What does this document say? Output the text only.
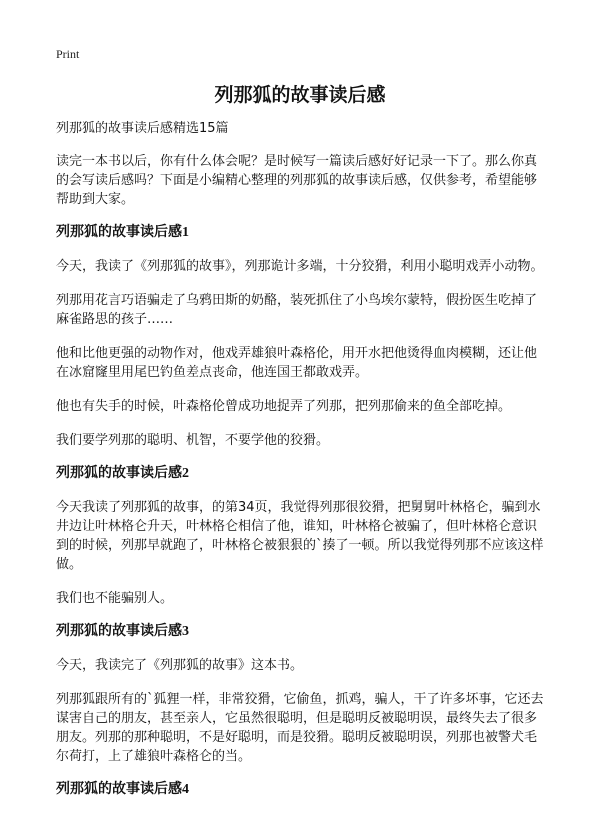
Print
列那狐的故事读后感
列那狐的故事读后感精选15篇

读完一本书以后，你有什么体会呢？是时候写一篇读后感好好记录一下了。那么你真的会写读后感吗？下面是小编精心整理的列那狐的故事读后感，仅供参考，希望能够帮助到大家。

列那狐的故事读后感1

今天，我读了《列那狐的故事》，列那诡计多端，十分狡猾，利用小聪明戏弄小动物。

列那用花言巧语骗走了乌鸦田斯的奶酪，装死抓住了小鸟埃尔蒙特，假扮医生吃掉了麻雀路思的孩子……

他和比他更强的动物作对，他戏弄雄狼叶森格伦，用开水把他烫得血肉模糊，还让他在冰窟窿里用尾巴钓鱼差点丧命，他连国王都敢戏弄。

他也有失手的时候，叶森格伦曾成功地捉弄了列那，把列那偷来的鱼全部吃掉。

我们要学列那的聪明、机智，不要学他的狡猾。

列那狐的故事读后感2

今天我读了列那狐的故事，的第34页，我觉得列那很狡猾，把舅舅叶林格仑，骗到水井边让叶林格仑升天，叶林格仑相信了他，谁知，叶林格仑被骗了，但叶林格仑意识到的时候，列那早就跑了，叶林格仑被狠狠的`揍了一顿。所以我觉得列那不应该这样做。

我们也不能骗别人。

列那狐的故事读后感3

今天，我读完了《列那狐的故事》这本书。

列那狐跟所有的`狐狸一样，非常狡猾，它偷鱼，抓鸡，骗人，干了许多坏事，它还去谋害自己的朋友，甚至亲人，它虽然很聪明，但是聪明反被聪明误，最终失去了很多朋友。列那的那种聪明，不是好聪明，而是狡猾。聪明反被聪明误，列那也被警犬毛尔荷打，上了雄狼叶森格仑的当。

列那狐的故事读后感4
